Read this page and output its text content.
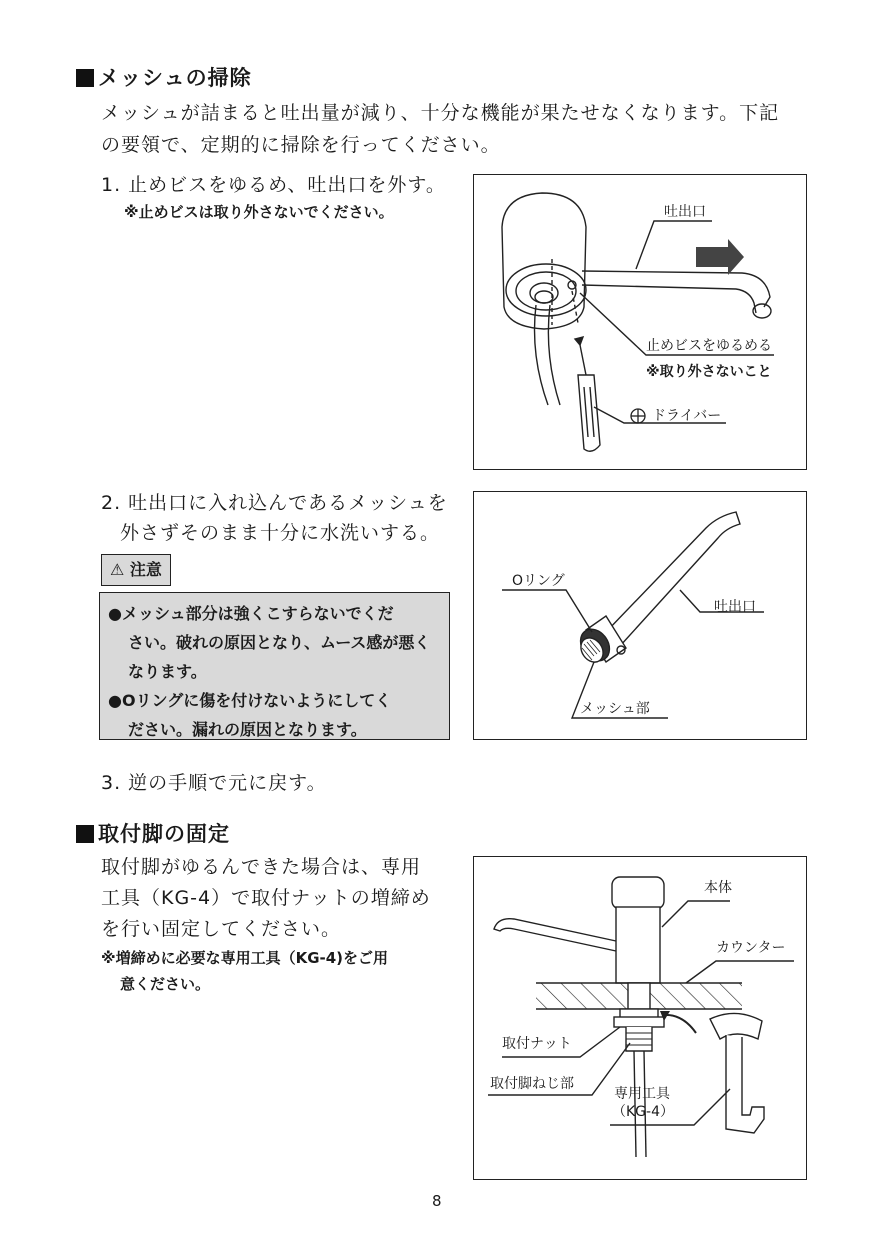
メッシュの掃除
メッシュが詰まると吐出量が減り、十分な機能が果たせなくなります。下記
の要領で、定期的に掃除を行ってください。
1. 止めビスをゆるめ、吐出口を外す。
※止めビスは取り外さないでください。	吐出口
止めビスをゆるめる
※取り外さないこと
ドライバー
2. 吐出口に入れ込んであるメッシュを
外さずそのまま十分に水洗いする。
⚠ 注意
●メッシュ部分は強くこすらないでくだ
さい。破れの原因となり、ムース感が悪く
なります。
●Oリングに傷を付けないようにしてく
ださい。漏れの原因となります。
Oリング
吐出口
メッシュ部
3. 逆の手順で元に戻す。
取付脚の固定
取付脚がゆるんできた場合は、専用
工具（KG-4）で取付ナットの増締め
を行い固定してください。
※増締めに必要な専用工具（KG-4)をご用
意ください。
本体
カウンター
取付ナット
取付脚ねじ部
専用工具
（KG-4）
8
